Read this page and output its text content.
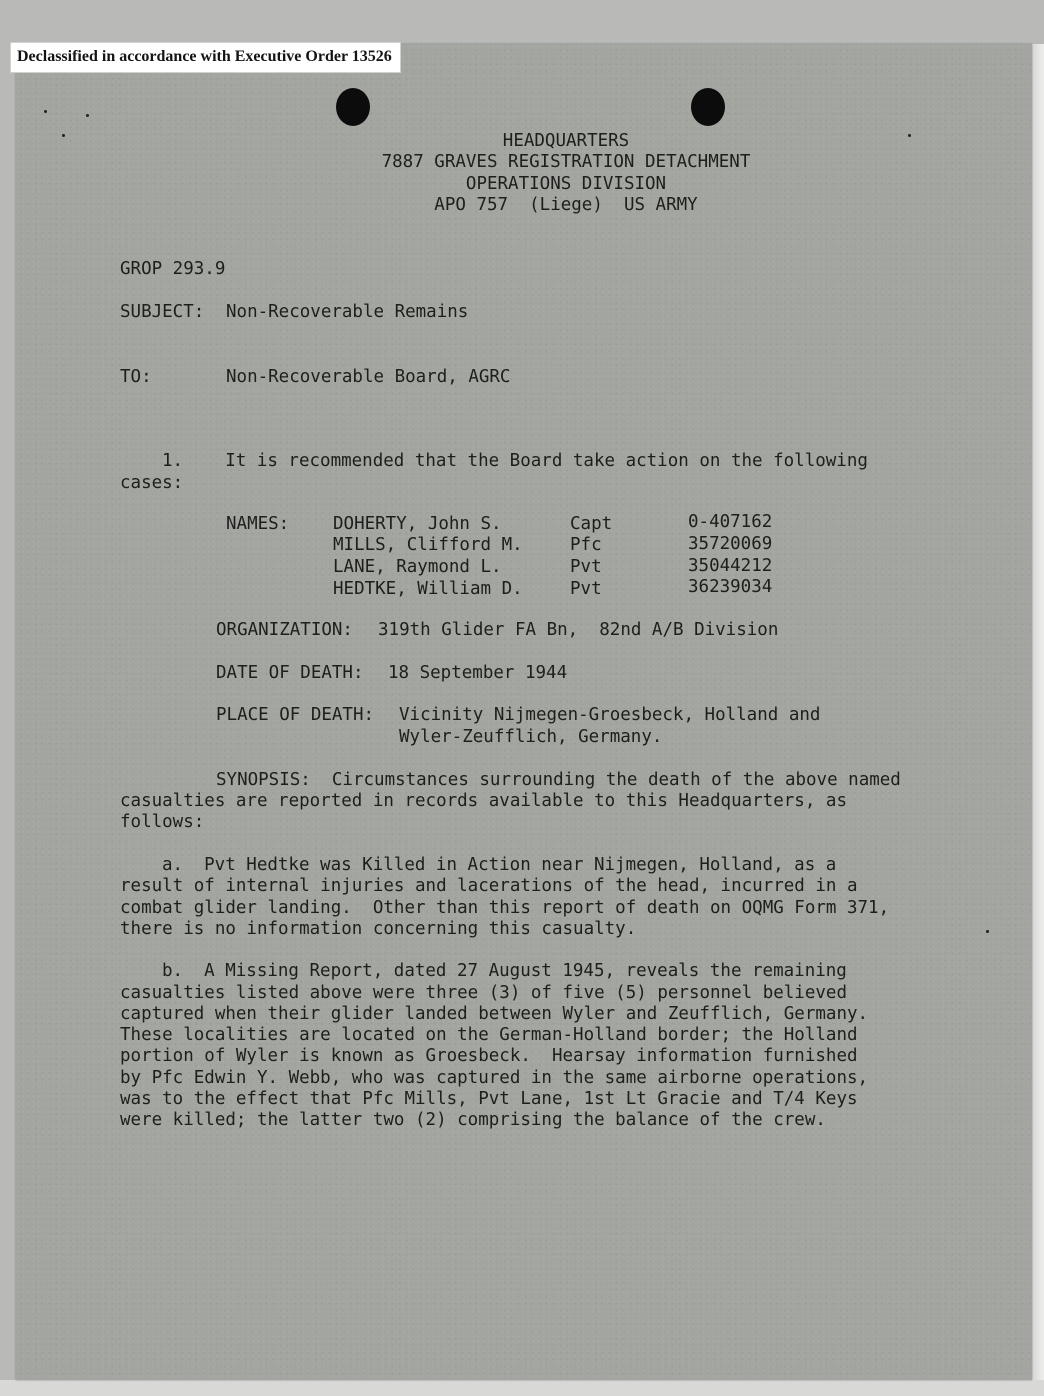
Declassified in accordance with Executive Order 13526
HEADQUARTERS
7887 GRAVES REGISTRATION DETACHMENT
OPERATIONS DIVISION
APO 757  (Liege)  US ARMY
GROP 293.9
SUBJECT: Non-Recoverable Remains
TO:	Non-Recoverable Board, AGRC
1.    It is recommended that the Board take action on the following
cases:
NAMES:	DOHERTY, John S.	Capt	0-407162
MILLS, Clifford M.	Pfc	35720069
LANE, Raymond L.	Pvt	35044212
HEDTKE, William D.	Pvt	36239034
ORGANIZATION: 319th Glider FA Bn,  82nd A/B Division
DATE OF DEATH: 18 September 1944
PLACE OF DEATH: Vicinity Nijmegen-Groesbeck, Holland and
Wyler-Zeufflich, Germany.
SYNOPSIS:  Circumstances surrounding the death of the above named
casualties are reported in records available to this Headquarters, as
follows:
a.  Pvt Hedtke was Killed in Action near Nijmegen, Holland, as a
result of internal injuries and lacerations of the head, incurred in a
combat glider landing.  Other than this report of death on OQMG Form 371,
there is no information concerning this casualty.
b.  A Missing Report, dated 27 August 1945, reveals the remaining
casualties listed above were three (3) of five (5) personnel believed
captured when their glider landed between Wyler and Zeufflich, Germany.
These localities are located on the German-Holland border; the Holland
portion of Wyler is known as Groesbeck.  Hearsay information furnished
by Pfc Edwin Y. Webb, who was captured in the same airborne operations,
was to the effect that Pfc Mills, Pvt Lane, 1st Lt Gracie and T/4 Keys
were killed; the latter two (2) comprising the balance of the crew.
